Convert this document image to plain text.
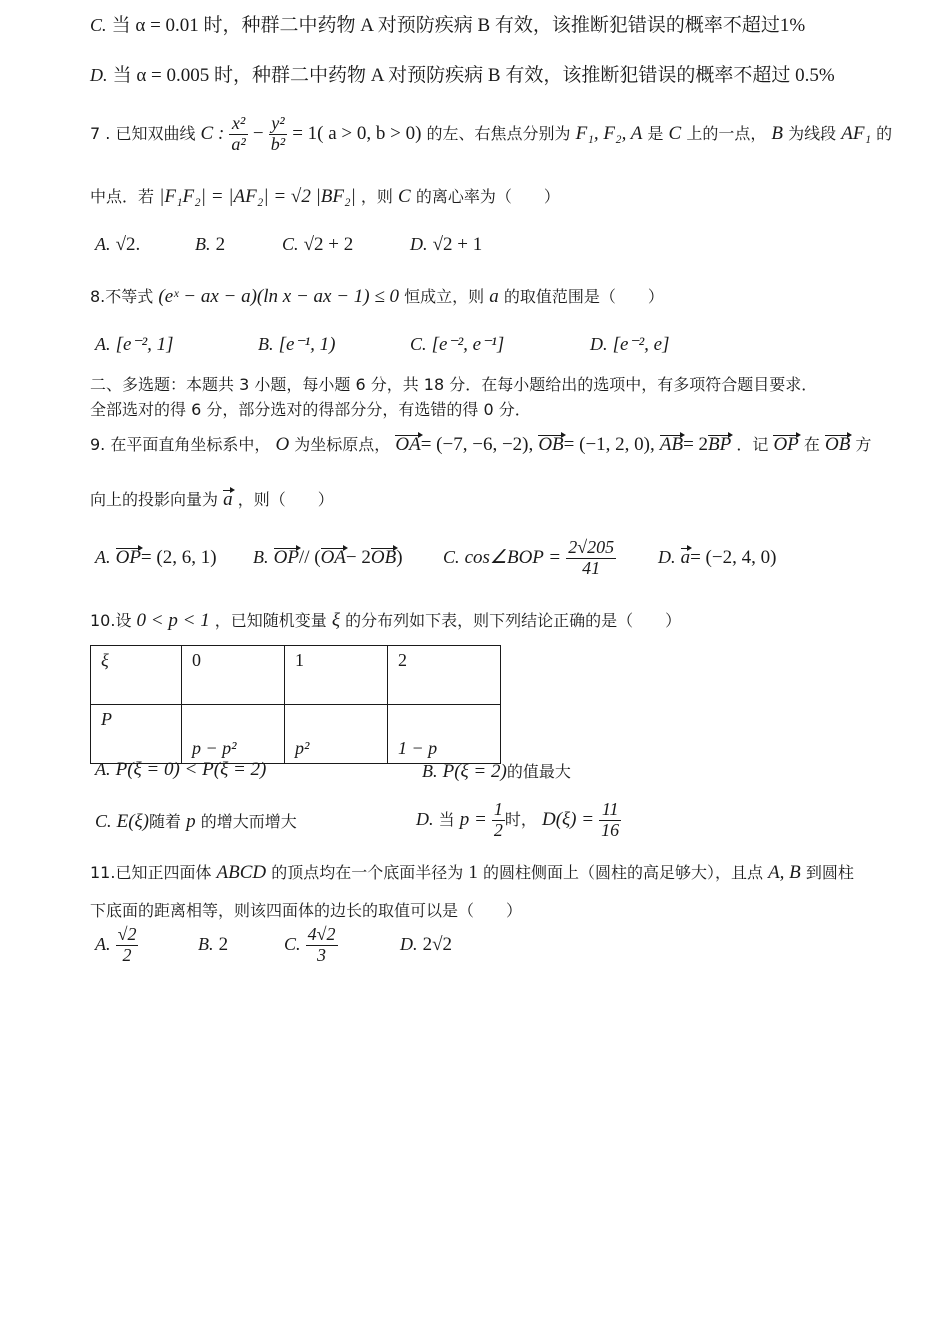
C. 当 α = 0.01 时，种群二中药物 A 对预防疾病 B 有效，该推断犯错误的概率不超过1%
D. 当 α = 0.005 时，种群二中药物 A 对预防疾病 B 有效，该推断犯错误的概率不超过 0.5%
7 . 已知双曲线 C : $\frac{\text{x²}}{\text{a²}} - \frac{\text{y²}}{\text{b²}} = 1$( a > 0, b > 0) 的左、右焦点分别为 F₁, F₂, A 是 C 上的一点， B 为线段 AF₁ 的
中点．若 |F₁F₂| = |AF₂| = √2 |BF₂| ，则 C 的离心率为（　　）
A. √2.	B. 2	C. √2 + 2	D. √2 + 1
8.不等式 (eˣ − ax − a)(ln x − ax − 1) ≤ 0 恒成立，则 a 的取值范围是（　　）
A. [e⁻², 1]	B. [e⁻¹, 1)	C. [e⁻², e⁻¹]	D. [e⁻², e]
二、多选题：本题共 3 小题，每小题 6 分，共 18 分．在每小题给出的选项中，有多项符合题目要求．
全部选对的得 6 分，部分选对的得部分分，有选错的得 0 分．
9. 在平面直角坐标系中， O 为坐标原点， OA= (−7, −6, −2), OB= (−1, 2, 0), AB= 2BP ．记 OP 在 OB 方
向上的投影向量为 a ，则（　　）
A. OP= (2, 6, 1) B. OP// (OA− 2OB) C. cos∠BOP = $\frac{2√205}{41} D$. a= (−2, 4, 0)
10.设 0 < p < 1 ，已知随机变量 ξ 的分布列如下表，则下列结论正确的是（　　）
ξ	0	1	2
P	p − p²	p²	1 − p
A. P(ξ = 0) < P(ξ = 2)	B. P(ξ = 2)的值最大
C. E(ξ)随着 p 的增大而增大	D. 当 $p = \frac{1}{2}$ 时， $D(\xi) = \frac{11}{16}$
11.已知正四面体 ABCD 的顶点均在一个底面半径为 1 的圆柱侧面上（圆柱的高足够大），且点 A, B 到圆柱
下底面的距离相等，则该四面体的边长的取值可以是（　　）
A. $\frac{√2}{2}$	B. 2	C. $\frac{4√2}{3}$	D. 2√2
